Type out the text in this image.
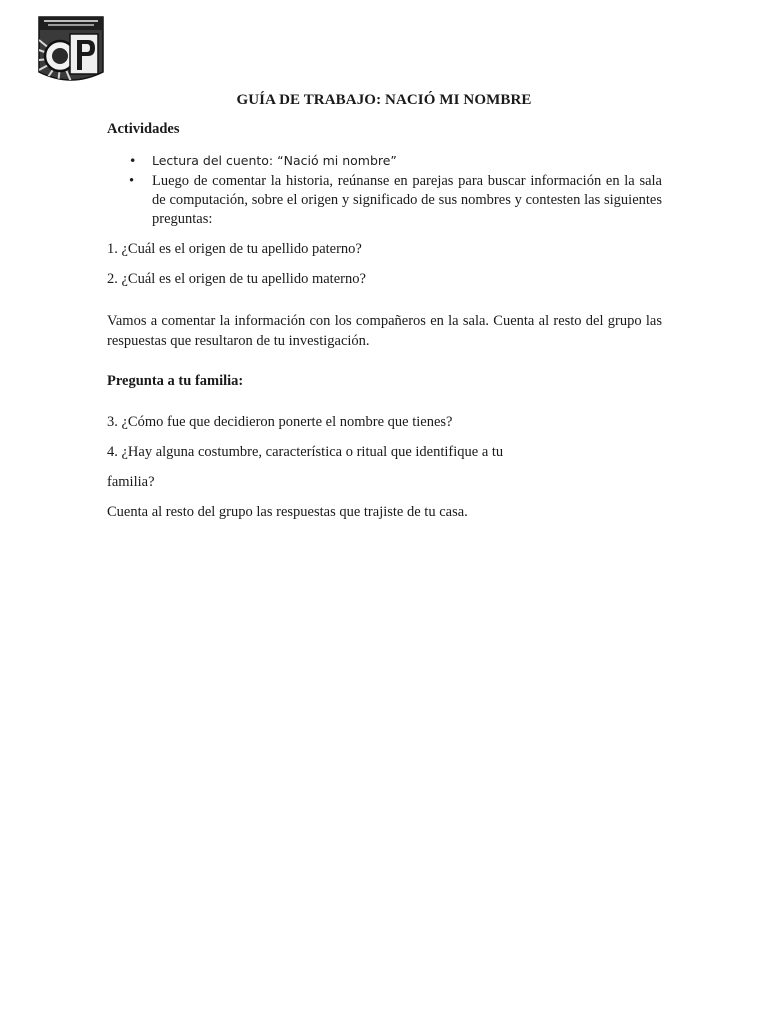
GUÍA DE TRABAJO: NACIÓ MI NOMBRE
Actividades
• Lectura del cuento: “Nació mi nombre”
• Luego de comentar la historia, reúnanse en parejas para buscar información en la sala de computación, sobre el origen y significado de sus nombres y contesten las siguientes preguntas:

1. ¿Cuál es el origen de tu apellido paterno?

2. ¿Cuál es el origen de tu apellido materno?

Vamos a comentar la información con los compañeros en la sala. Cuenta al resto del grupo las respuestas que resultaron de tu investigación.

Pregunta a tu familia:

3. ¿Cómo fue que decidieron ponerte el nombre que tienes?

4. ¿Hay alguna costumbre, característica o ritual que identifique a tu

familia?

Cuenta al resto del grupo las respuestas que trajiste de tu casa.
